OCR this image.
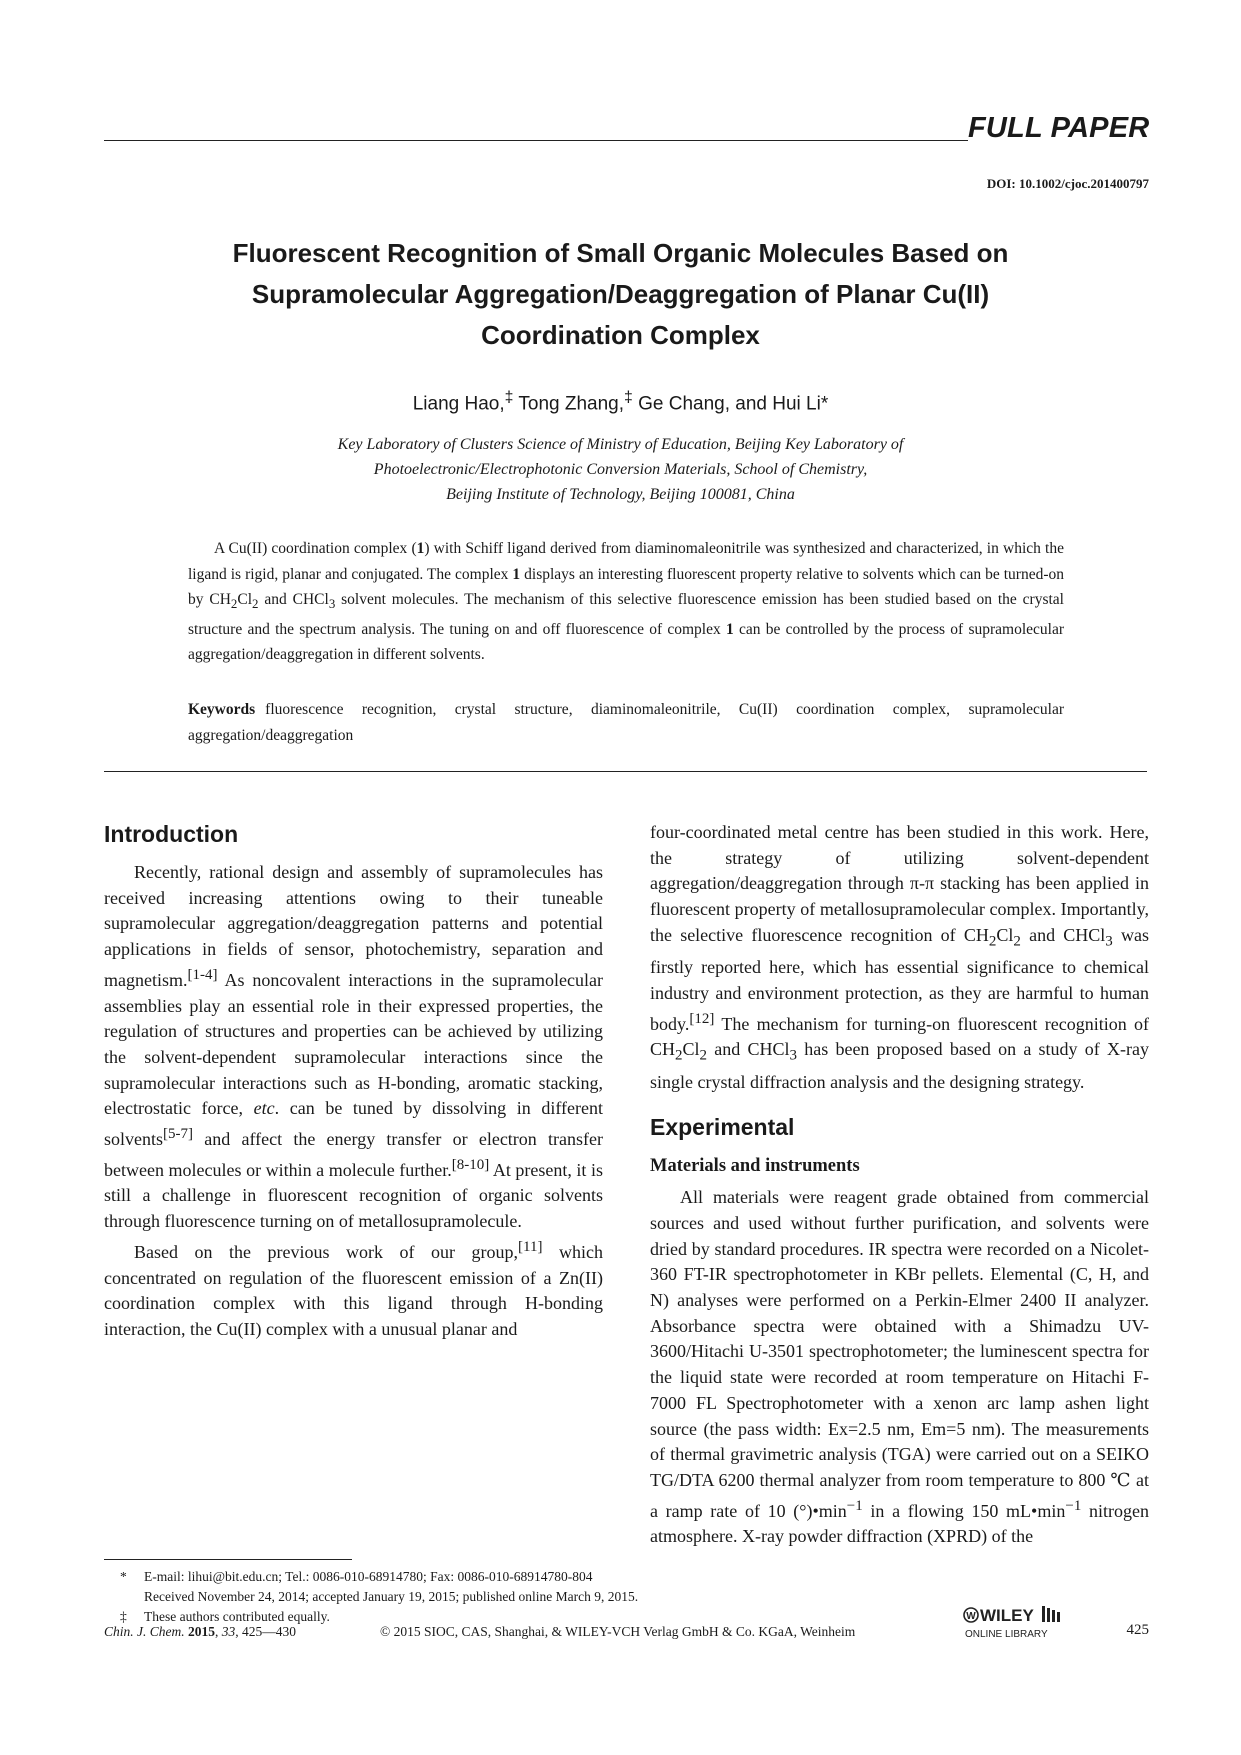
FULL PAPER
DOI: 10.1002/cjoc.201400797
Fluorescent Recognition of Small Organic Molecules Based on
Supramolecular Aggregation/Deaggregation of Planar Cu(II)
Coordination Complex
Liang Hao,‡ Tong Zhang,‡ Ge Chang, and Hui Li*
Key Laboratory of Clusters Science of Ministry of Education, Beijing Key Laboratory of
Photoelectronic/Electrophotonic Conversion Materials, School of Chemistry,
Beijing Institute of Technology, Beijing 100081, China
A Cu(II) coordination complex (1) with Schiff ligand derived from diaminomaleonitrile was synthesized and characterized, in which the ligand is rigid, planar and conjugated. The complex 1 displays an interesting fluorescent property relative to solvents which can be turned-on by $CH_2Cl_2$ and CHCl$_3$ solvent molecules. The mechanism of this selective fluorescence emission has been studied based on the crystal structure and the spectrum analysis. The tuning on and off fluorescence of complex 1 can be controlled by the process of supramolecular aggregation/deaggregation in different solvents.
Keywords fluorescence recognition, crystal structure, diaminomaleonitrile, Cu(II) coordination complex, supramolecular aggregation/deaggregation
Introduction

Recently, rational design and assembly of supramolecules has received increasing attentions owing to their tuneable supramolecular aggregation/deaggregation patterns and potential applications in fields of sensor, photochemistry, separation and magnetism.[1-4] As noncovalent interactions in the supramolecular assemblies play an essential role in their expressed properties, the regulation of structures and properties can be achieved by utilizing the solvent-dependent supramolecular interactions since the supramolecular interactions such as H-bonding, aromatic stacking, electrostatic force, etc. can be tuned by dissolving in different solvents[5-7] and affect the energy transfer or electron transfer between molecules or within a molecule further.[8-10] At present, it is still a challenge in fluorescent recognition of organic solvents through fluorescence turning on of metallosupramolecule.

Based on the previous work of our group,[11] which concentrated on regulation of the fluorescent emission of a Zn(II) coordination complex with this ligand through H-bonding interaction, the Cu(II) complex with a unusual planar and

four-coordinated metal centre has been studied in this work. Here, the strategy of utilizing solvent-dependent aggregation/deaggregation through π-π stacking has been applied in fluorescent property of metallosupramolecular complex. Importantly, the selective fluorescence recognition of $CH_2Cl_2$ and CHCl$_3$ was firstly reported here, which has essential significance to chemical industry and environment protection, as they are harmful to human body.[12] The mechanism for turning-on fluorescent recognition of $CH_2Cl_2$ and CHCl$_3$ has been proposed based on a study of X-ray single crystal diffraction analysis and the designing strategy.

Experimental
Materials and instruments

All materials were reagent grade obtained from commercial sources and used without further purification, and solvents were dried by standard procedures. IR spectra were recorded on a Nicolet-360 FT-IR spectrophotometer in KBr pellets. Elemental (C, H, and N) analyses were performed on a Perkin-Elmer 2400 II analyzer. Absorbance spectra were obtained with a Shimadzu UV-3600/Hitachi U-3501 spectrophotometer; the luminescent spectra for the liquid state were recorded at room temperature on Hitachi F-7000 FL Spectrophotometer with a xenon arc lamp ashen light source (the pass width: Ex=2.5 nm, Em=5 nm). The measurements of thermal gravimetric analysis (TGA) were carried out on a SEIKO TG/DTA 6200 thermal analyzer from room temperature to 800 ℃ at a ramp rate of 10 $(^\circ)•\min^{-1}$ in a flowing 150 $mL•\min^{-1}$ nitrogen atmosphere. X-ray powder diffraction (XPRD) of the

*	E-mail: lihui@bit.edu.cn; Tel.: 0086-010-68914780; Fax: 0086-010-68914780-804
Received November 24, 2014; accepted January 19, 2015; published online March 9, 2015.
‡	These authors contributed equally.
Chin. J. Chem. 2015, 33, 425—430	© 2015 SIOC, CAS, Shanghai, & WILEY-VCH Verlag GmbH & Co. KGaA, Weinheim
W WILEY
ONLINE LIBRARY	425
